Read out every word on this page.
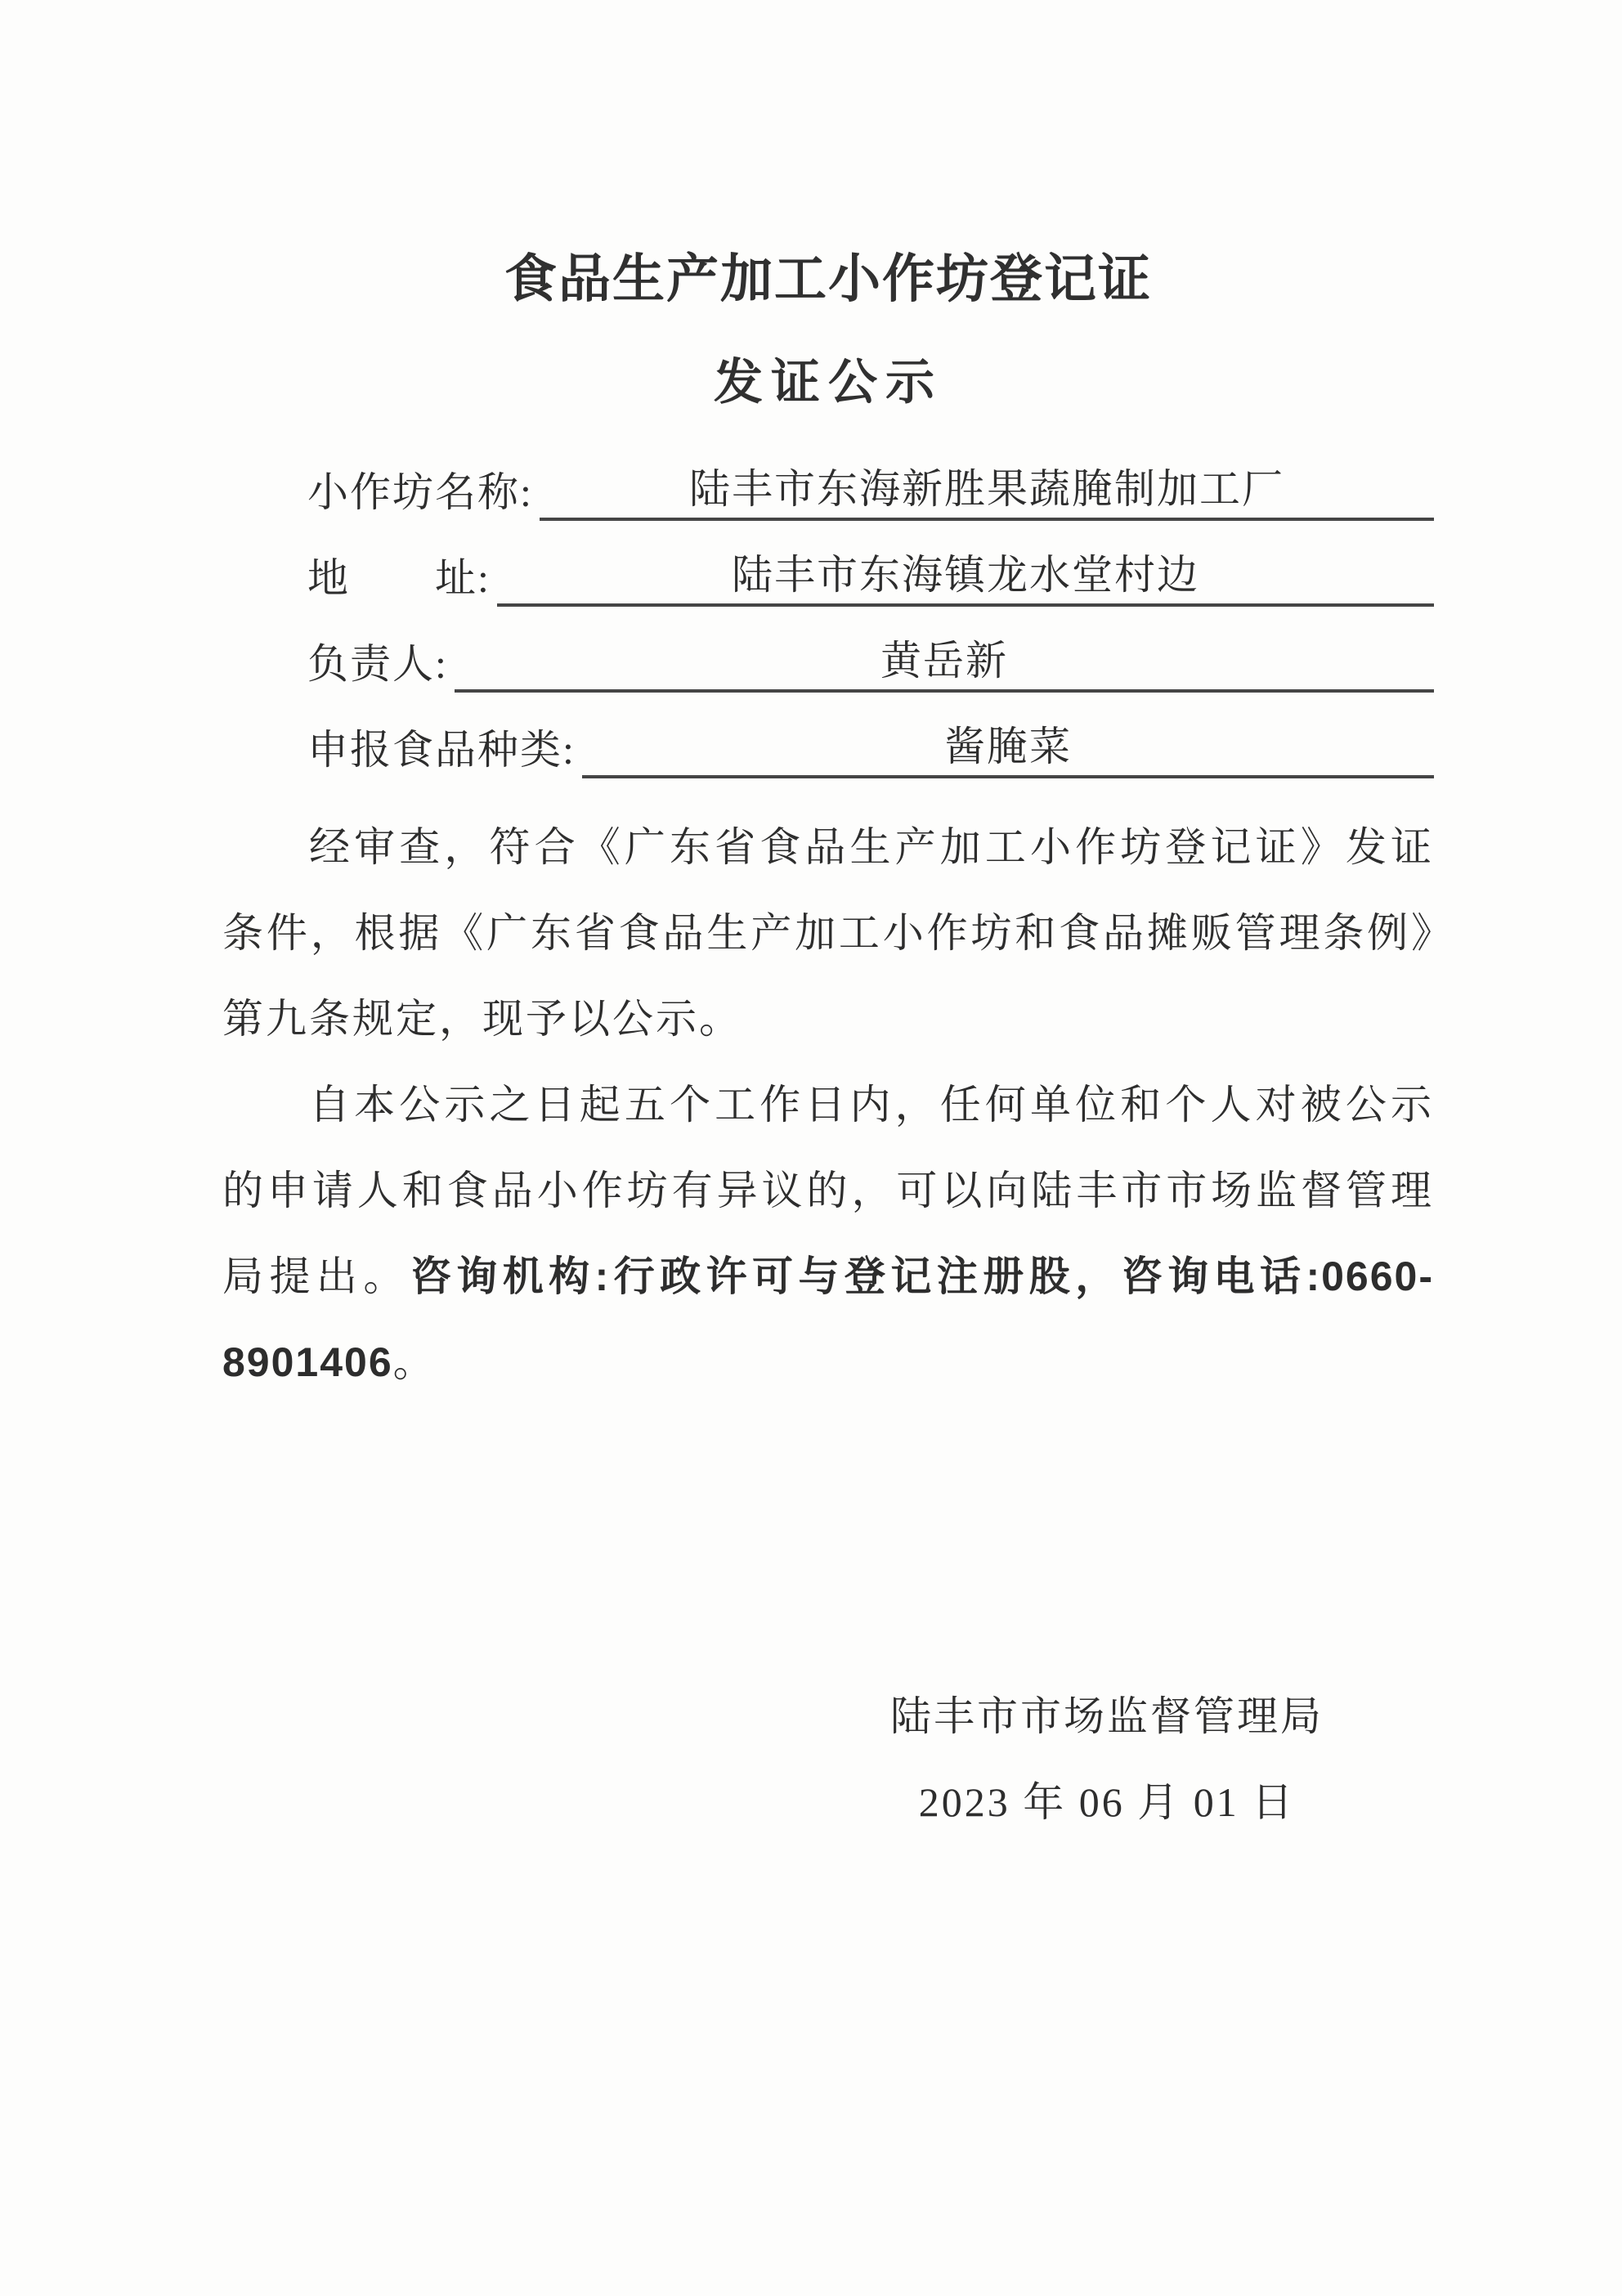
食品生产加工小作坊登记证
发证公示
小作坊名称:	陆丰市东海新胜果蔬腌制加工厂
地　　址:	陆丰市东海镇龙水堂村边
负责人:	黄岳新
申报食品种类:	酱腌菜

经审查，符合《广东省食品生产加工小作坊登记证》发证条件，根据《广东省食品生产加工小作坊和食品摊贩管理条例》第九条规定，现予以公示。

自本公示之日起五个工作日内，任何单位和个人对被公示的申请人和食品小作坊有异议的，可以向陆丰市市场监督管理局提出。咨询机构:行政许可与登记注册股，咨询电话:0660-8901406。

陆丰市市场监督管理局
2023 年 06 月 01 日
